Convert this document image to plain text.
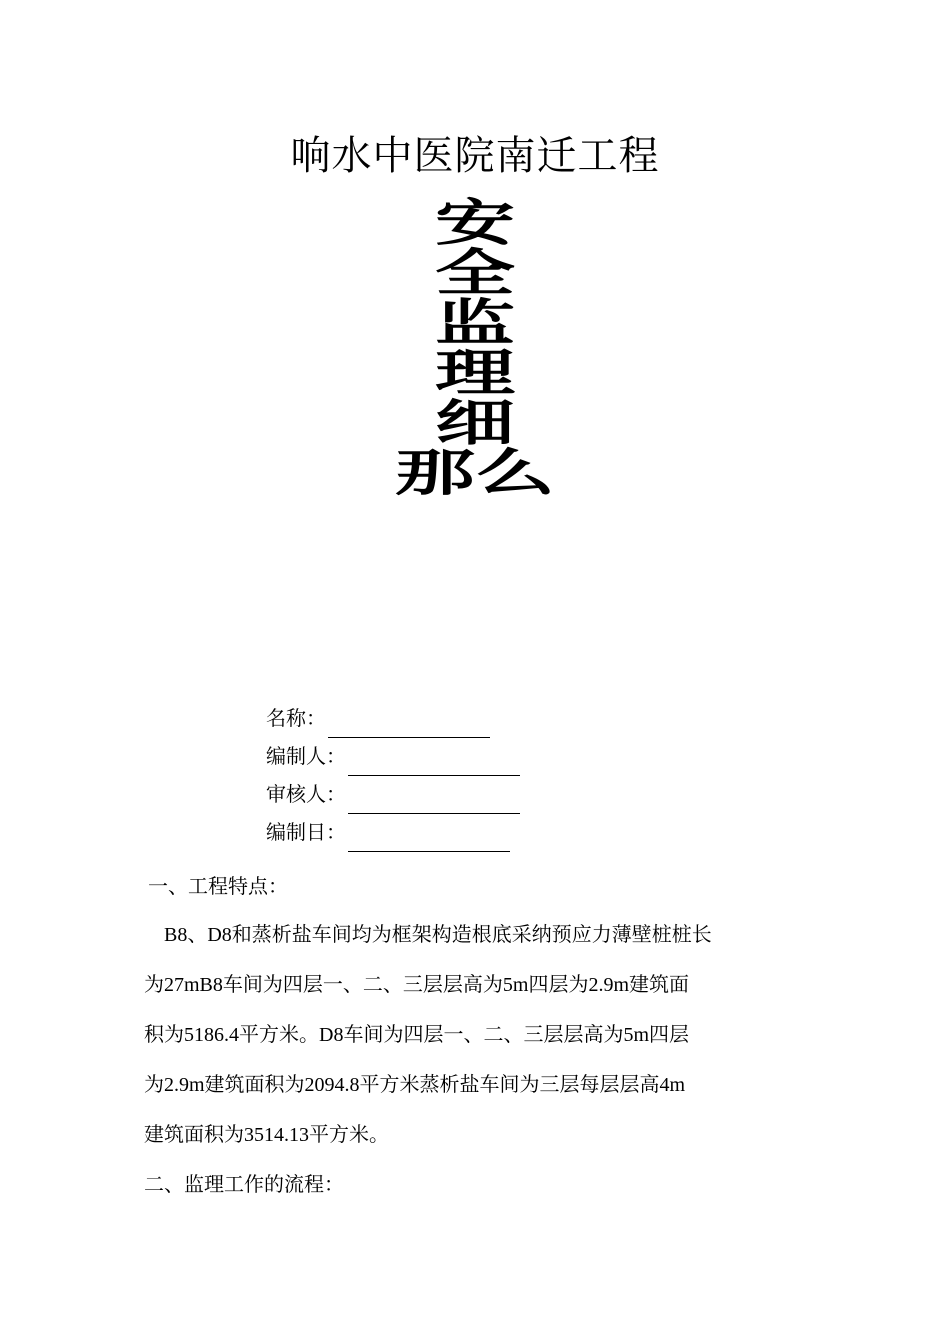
响水中医院南迁工程
安
全
监
理
细
那么
名称：
编制人：
审核人：
编制日：
一、工程特点：
B8、D8和蒸析盐车间均为框架构造根底采纳预应力薄壁桩桩长
为27mB8车间为四层一、二、三层层高为5m四层为2.9m建筑面
积为5186.4平方米。D8车间为四层一、二、三层层高为5m四层
为2.9m建筑面积为2094.8平方米蒸析盐车间为三层每层层高4m
建筑面积为3514.13平方米。
二、监理工作的流程：
